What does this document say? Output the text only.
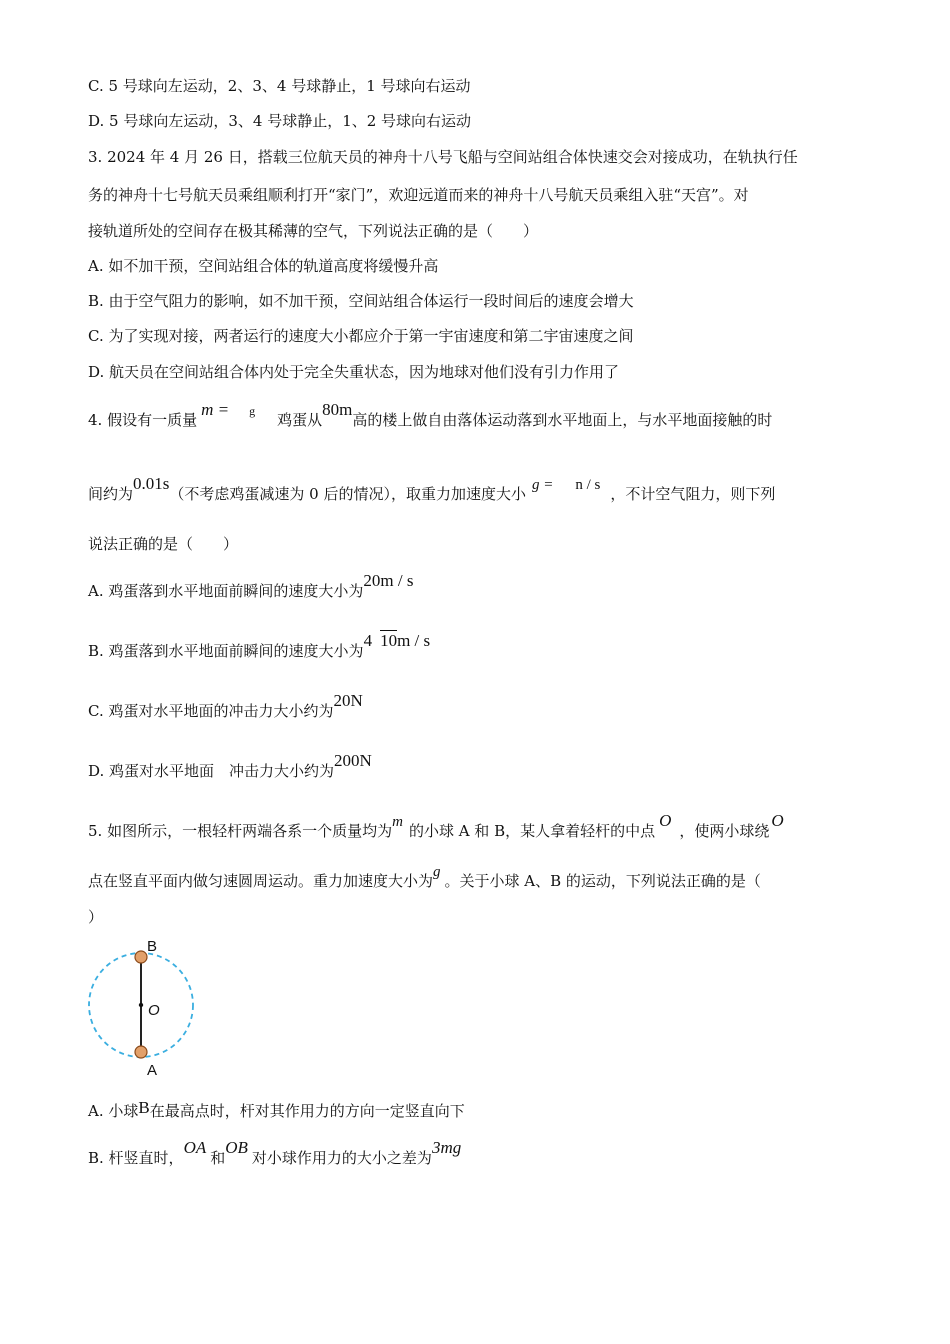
C. 5 号球向左运动，2、3、4 号球静止，1 号球向右运动
D. 5 号球向左运动，3、4 号球静止，1、2 号球向右运动
3. 2024 年 4 月 26 日，搭载三位航天员的神舟十八号飞船与空间站组合体快速交会对接成功，在轨执行任
务的神舟十七号航天员乘组顺利打开“家门”，欢迎远道而来的神舟十八号航天员乘组入驻“天宫”。对
接轨道所处的空间存在极其稀薄的空气，下列说法正确的是（　　）
A. 如不加干预，空间站组合体的轨道高度将缓慢升高
B. 由于空气阻力的影响，如不加干预，空间站组合体运行一段时间后的速度会增大
C. 为了实现对接，两者运行的速度大小都应介于第一宇宙速度和第二宇宙速度之间
D. 航天员在空间站组合体内处于完全失重状态，因为地球对他们没有引力作用了
4. 假设有一质量m = $^g$ 鸡蛋从80m高的楼上做自由落体运动落到水平地面上，与水平地面接触的时
间约为0.01s（不考虑鸡蛋减速为 0 后的情况），取重力加速度大小 g = n / s ，不计空气阻力，则下列
说法正确的是（　　）
A. 鸡蛋落到水平地面前瞬间的速度大小为20m / s
B. 鸡蛋落到水平地面前瞬间的速度大小为4 10m / s
C. 鸡蛋对水平地面的冲击力大小约为20N
D. 鸡蛋对水平地面　冲击力大小约为200N
5. 如图所示，一根轻杆两端各系一个质量均为m 的小球 A 和 B，某人拿着轻杆的中点O，使两小球绕O
点在竖直平面内做匀速圆周运动。重力加速度大小为g 。关于小球 A、B 的运动，下列说法正确的是（
）
B
O
A
A. 小球B在最高点时，杆对其作用力的方向一定竖直向下
B. 杆竖直时，OA和OB对小球作用力的大小之差为3mg
